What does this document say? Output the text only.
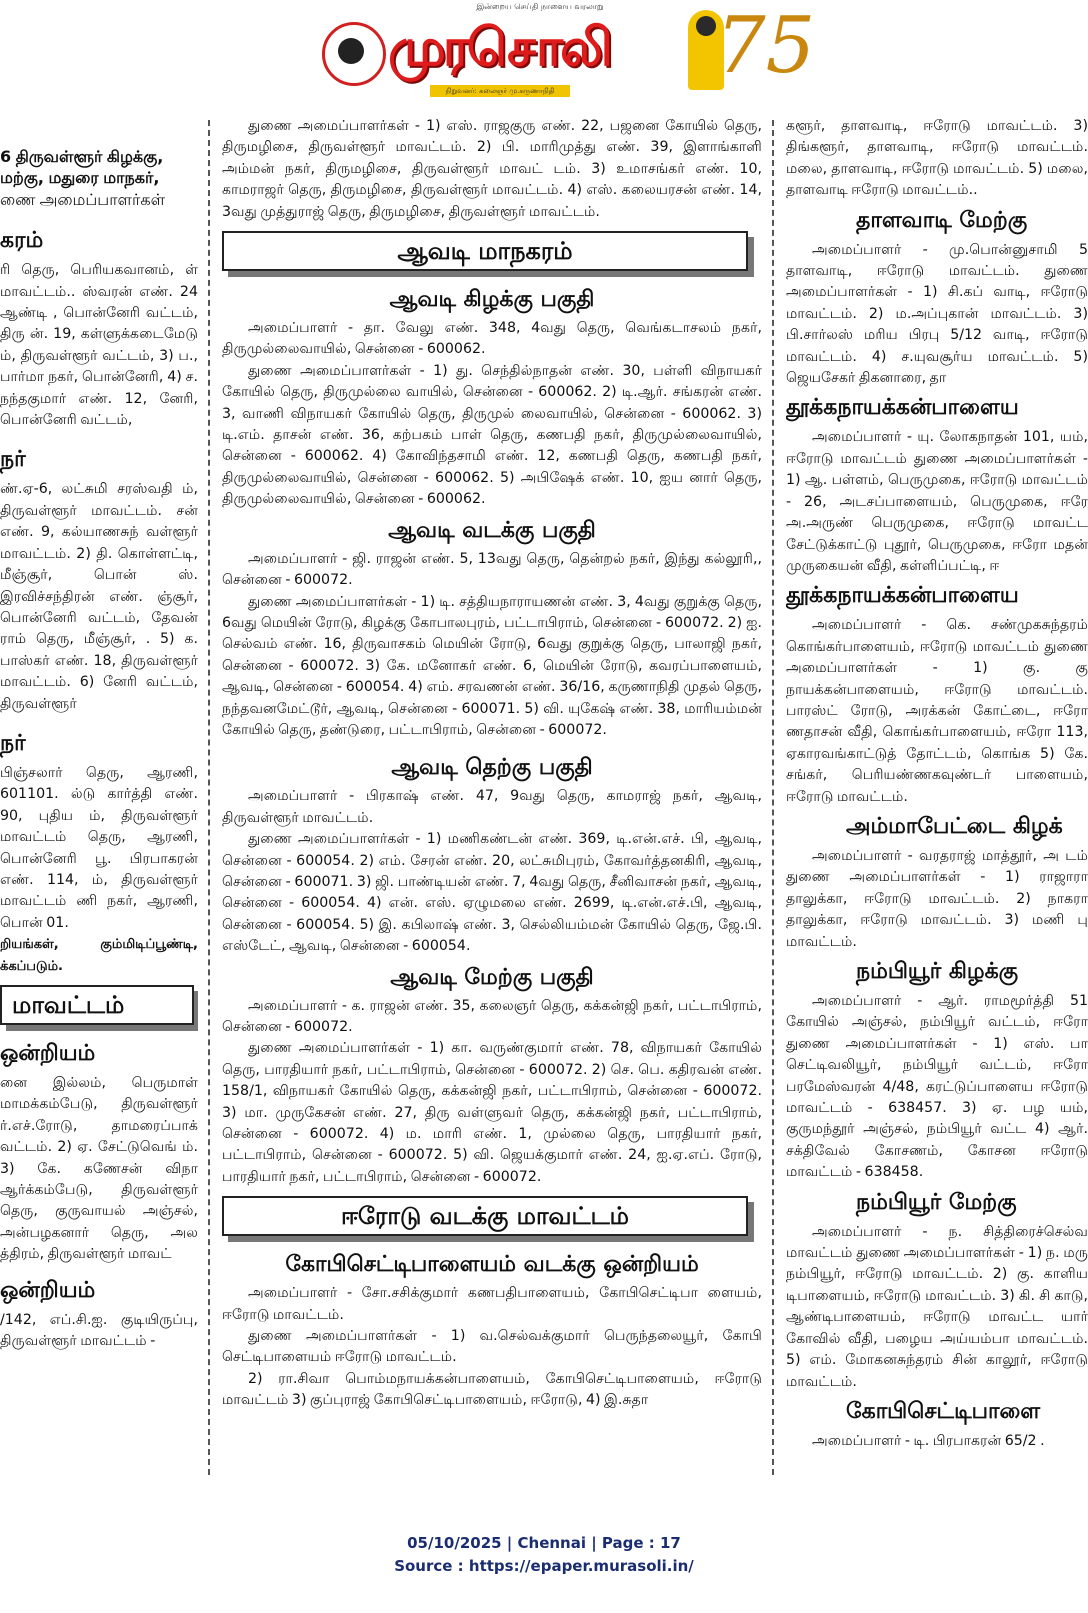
இன்றைய செய்தி நாளைய வரலாறு
முரசொலி
நிறுவனர்: கலைஞர் மு.கருணாநிதி 75

6 திருவள்ளூர் கிழக்கு,

மற்கு, மதுரை மாநகர்,

ணை அமைப்பாளர்கள்

கரம்

ரி தெரு, பெரியகவானம், ள் மாவட்டம்.. ஸ்வரன் எண். 24 ஆண்டி , பொன்னேரி வட்டம், திரு ன். 19, கள்ளுக்கடைமேடு ம், திருவள்ளூர் வட்டம், 3) ப., பார்மா நகர், பொன்னேரி, 4) ச. நந்தகுமார் எண். 12, னேரி, பொன்னேரி வட்டம்,

நர்

ண்.ஏ-6, லட்சுமி சரஸ்வதி ம், திருவள்ளூர் மாவட்டம். சன் எண். 9, கல்யாணசுந் வள்ளூர் மாவட்டம். 2) தி. கொள்ளட்டி, மீஞ்சூர், பொன் ஸ். இரவிச்சந்திரன் எண். ஞ்சூர், பொன்னேரி வட்டம், தேவன் ராம் தெரு, மீஞ்சூர், . 5) க. பாஸ்கர் எண். 18, திருவள்ளூர் மாவட்டம். 6) னேரி வட்டம், திருவள்ளூர்

நர்

பிஞ்சலார் தெரு, ஆரணி, 601101. ல்டு கார்த்தி எண். 90, புதிய ம், திருவள்ளூர் மாவட்டம் தெரு, ஆரணி, பொன்னேரி பூ. பிரபாகரன் எண். 114, ம், திருவள்ளூர் மாவட்டம் ணி நகர், ஆரணி, பொன் 01.

றியங்கள், கும்மிடிப்பூண்டி, க்கப்படும்.

மாவட்டம்
ஒன்றியம்

னை இல்லம், பெருமாள் மாமக்கம்பேடு, திருவள்ளூர் ர்.எச்.ரோடு, தாமரைப்பாக் வட்டம். 2) ஏ. சேட்டுவெங் ம். 3) கே. கணேசன் விநா ஆர்க்கம்பேடு, திருவள்ளூர் தெரு, குருவாயல் அஞ்சல், அன்பழகனார் தெரு, அல த்திரம், திருவள்ளூர் மாவட்

ஒன்றியம்

/142, எப்.சி.ஐ. குடியிருப்பு, திருவள்ளூர் மாவட்டம் -

துணை அமைப்பாளர்கள் - 1) எஸ். ராஜகுரு எண். 22, பஜனை கோயில் தெரு, திருமழிசை, திருவள்ளூர் மாவட்டம். 2) பி. மாரிமுத்து எண். 39, இளாங்காளி அம்மன் நகர், திருமழிசை, திருவள்ளூர் மாவட் டம். 3) உமாசங்கர் எண். 10, காமராஜர் தெரு, திருமழிசை, திருவள்ளூர் மாவட்டம். 4) எஸ். கலையரசன் எண். 14, 3வது முத்துராஜ் தெரு, திருமழிசை, திருவள்ளூர் மாவட்டம்.

ஆவடி மாநகரம்
ஆவடி கிழக்கு பகுதி

அமைப்பாளர் - தா. வேலு எண். 348, 4வது தெரு, வெங்கடாசலம் நகர், திருமுல்லைவாயில், சென்னை - 600062.

துணை அமைப்பாளர்கள் - 1) து. செந்தில்நாதன் எண். 30, பள்ளி விநாயகர் கோயில் தெரு, திருமுல்லை வாயில், சென்னை - 600062. 2) டி.ஆர். சங்கரன் எண். 3, வாணி விநாயகர் கோயில் தெரு, திருமுல் லைவாயில், சென்னை - 600062. 3) டி.எம். தாசன் எண். 36, கற்பகம் பாள் தெரு, கணபதி நகர், திருமுல்லைவாயில், சென்னை - 600062. 4) கோவிந்தசாமி எண். 12, கணபதி தெரு, கணபதி நகர், திருமுல்லைவாயில், சென்னை - 600062. 5) அபிஷேக் எண். 10, ஐய னார் தெரு, திருமுல்லைவாயில், சென்னை - 600062.

ஆவடி வடக்கு பகுதி

அமைப்பாளர் - ஜி. ராஜன் எண். 5, 13வது தெரு, தென்றல் நகர், இந்து கல்லூரி,, சென்னை - 600072.

துணை அமைப்பாளர்கள் - 1) டி. சத்தியநாராயணன் எண். 3, 4வது குறுக்கு தெரு, 6வது மெயின் ரோடு, கிழக்கு கோபாலபுரம், பட்டாபிராம், சென்னை - 600072. 2) ஐ. செல்வம் எண். 16, திருவாசகம் மெயின் ரோடு, 6வது குறுக்கு தெரு, பாலாஜி நகர், சென்னை - 600072. 3) கே. மனோகர் எண். 6, மெயின் ரோடு, கவரப்பாளையம், ஆவடி, சென்னை - 600054. 4) எம். சரவணன் எண். 36/16, கருணாநிதி முதல் தெரு, நந்தவனமேட்டூர், ஆவடி, சென்னை - 600071. 5) வி. யுகேஷ் எண். 38, மாரியம்மன் கோயில் தெரு, தண்டுரை, பட்டாபிராம், சென்னை - 600072.

ஆவடி தெற்கு பகுதி

அமைப்பாளர் - பிரகாஷ் எண். 47, 9வது தெரு, காமராஜ் நகர், ஆவடி, திருவள்ளூர் மாவட்டம்.

துணை அமைப்பாளர்கள் - 1) மணிகண்டன் எண். 369, டி.என்.எச். பி, ஆவடி, சென்னை - 600054. 2) எம். சேரன் எண். 20, லட்சுமிபுரம், கோவர்த்தனகிரி, ஆவடி, சென்னை - 600071. 3) ஜி. பாண்டியன் எண். 7, 4வது தெரு, சீனிவாசன் நகர், ஆவடி, சென்னை - 600054. 4) என். எஸ். ஏழுமலை எண். 2699, டி.என்.எச்.பி, ஆவடி, சென்னை - 600054. 5) இ. கபிலாஷ் எண். 3, செல்லியம்மன் கோயில் தெரு, ஜே.பி. எஸ்டேட், ஆவடி, சென்னை - 600054.

ஆவடி மேற்கு பகுதி

அமைப்பாளர் - க. ராஜன் எண். 35, கலைஞர் தெரு, கக்கன்ஜி நகர், பட்டாபிராம், சென்னை - 600072.

துணை அமைப்பாளர்கள் - 1) கா. வருண்குமார் எண். 78, விநாயகர் கோயில் தெரு, பாரதியார் நகர், பட்டாபிராம், சென்னை - 600072. 2) செ. பெ. கதிரவன் எண். 158/1, விநாயகர் கோயில் தெரு, கக்கன்ஜி நகர், பட்டாபிராம், சென்னை - 600072. 3) மா. முருகேசன் எண். 27, திரு வள்ளுவர் தெரு, கக்கன்ஜி நகர், பட்டாபிராம், சென்னை - 600072. 4) ம. மாரி எண். 1, முல்லை தெரு, பாரதியார் நகர், பட்டாபிராம், சென்னை - 600072. 5) வி. ஜெயக்குமார் எண். 24, ஐ.ஏ.எப். ரோடு, பாரதியார் நகர், பட்டாபிராம், சென்னை - 600072.

ஈரோடு வடக்கு மாவட்டம்
கோபிசெட்டிபாளையம் வடக்கு ஒன்றியம்

அமைப்பாளர் - சோ.சசிக்குமார் கணபதிபாளையம், கோபிசெட்டிபா ளையம், ஈரோடு மாவட்டம்.

துணை அமைப்பாளர்கள் - 1) வ.செல்வக்குமார் பெருந்தலையூர், கோபி செட்டிபாளையம் ஈரோடு மாவட்டம்.

2) ரா.சிவா பொம்மநாயக்கன்பாளையம், கோபிசெட்டிபாளையம், ஈரோடு மாவட்டம் 3) குப்புராஜ் கோபிசெட்டிபாளையம், ஈரோடு, 4) இ.சுதா

களூர், தாளவாடி, ஈரோடு மாவட்டம். 3) திங்களூர், தாளவாடி, ஈரோடு மாவட்டம். மலை, தாளவாடி, ஈரோடு மாவட்டம். 5) மலை, தாளவாடி ஈரோடு மாவட்டம்..

தாளவாடி மேற்கு

அமைப்பாளர் - மு.பொன்னுசாமி 5 தாளவாடி, ஈரோடு மாவட்டம். துணை அமைப்பாளர்கள் - 1) சி.கப் வாடி, ஈரோடு மாவட்டம். 2) ம.அப்புகான் மாவட்டம். 3) பி.சார்லஸ் மரிய பிரபு 5/12 வாடி, ஈரோடு மாவட்டம். 4) ச.யுவசூர்ய மாவட்டம். 5) ஜெயசேகர் திகனாரை, தா

தூக்கநாயக்கன்பாளைய

அமைப்பாளர் - யு. லோகநாதன் 101, யம், ஈரோடு மாவட்டம் துணை அமைப்பாளர்கள் - 1) ஆ. பள்ளம், பெருமுகை, ஈரோடு மாவட்டம் - 26, அடசப்பாளையம், பெருமுகை, ஈரே அ.அருண் பெருமுகை, ஈரோடு மாவட்ட சேட்டுக்காட்டு புதூர், பெருமுகை, ஈரோ மதன் முருகையன் வீதி, கள்ளிப்பட்டி, ஈ

தூக்கநாயக்கன்பாளைய

அமைப்பாளர் - கெ. சண்முகசுந்தரம் கொங்கர்பாளையம், ஈரோடு மாவட்டம் துணை அமைப்பாளர்கள் - 1) கு. கு நாயக்கன்பாளையம், ஈரோடு மாவட்டம். பாரஸ்ட் ரோடு, அரக்கன் கோட்டை, ஈரோ ணதாசன் வீதி, கொங்கர்பாளையம், ஈரோ 113, ஏகாரவங்காட்டுத் தோட்டம், கொங்க 5) கே. சங்கர், பெரியண்ணகவுண்டர் பாளையம், ஈரோடு மாவட்டம்.

அம்மாபேட்டை கிழக்

அமைப்பாளர் - வரதராஜ் மாத்தூர், அ டம் துணை அமைப்பாளர்கள் - 1) ராஜாரா தாலுக்கா, ஈரோடு மாவட்டம். 2) நாகரா தாலுக்கா, ஈரோடு மாவட்டம். 3) மணி பு மாவட்டம்.

நம்பியூர் கிழக்கு

அமைப்பாளர் - ஆர். ராமமூர்த்தி 51 கோயில் அஞ்சல், நம்பியூர் வட்டம், ஈரோ துணை அமைப்பாளர்கள் - 1) எஸ். பா செட்டிவலியூர், நம்பியூர் வட்டம், ஈரோ பரமேஸ்வரன் 4/48, கரட்டுப்பாளைய ஈரோடு மாவட்டம் - 638457. 3) ஏ. பழ யம், குருமந்தூர் அஞ்சல், நம்பியூர் வட்ட 4) ஆர். சக்திவேல் கோசணம், கோசன ஈரோடு மாவட்டம் - 638458.

நம்பியூர் மேற்கு

அமைப்பாளர் - ந. சித்திரைச்செல்வ மாவட்டம் துணை அமைப்பாளர்கள் - 1) ந. மரு நம்பியூர், ஈரோடு மாவட்டம். 2) கு. காளிய டிபாளையம், ஈரோடு மாவட்டம். 3) கி. சி காடு, ஆண்டிபாளையம், ஈரோடு மாவட்ட யார் கோவில் வீதி, பழைய அய்யம்பா மாவட்டம். 5) எம். மோகனசுந்தரம் சின் காலூர், ஈரோடு மாவட்டம்.

கோபிசெட்டிபாளை

அமைப்பாளர் - டி. பிரபாகரன் 65/2 .

05/10/2025 | Chennai | Page : 17
Source : https://epaper.murasoli.in/
